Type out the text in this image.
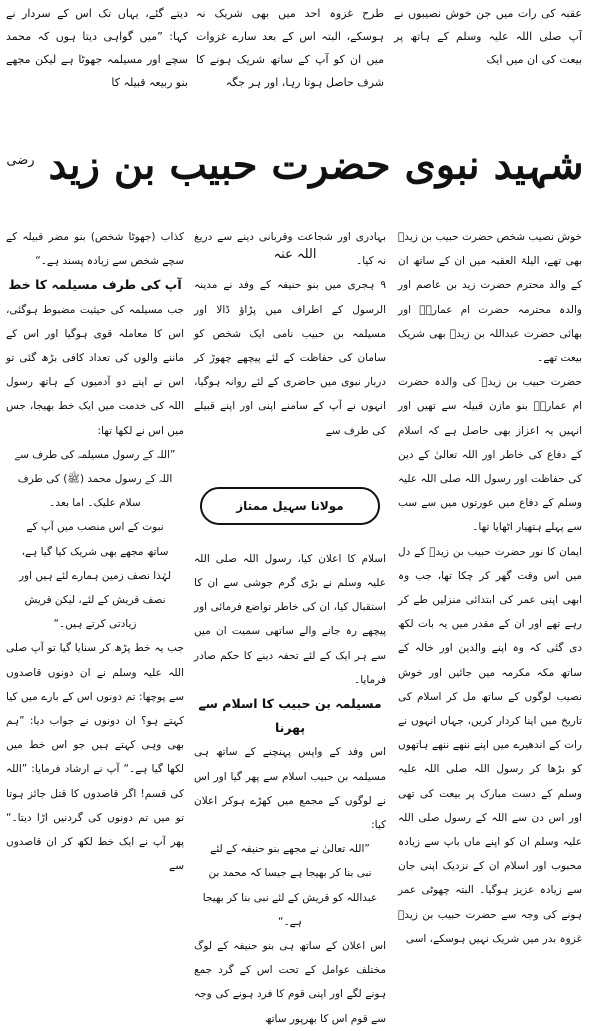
عقبہ کی رات میں جن خوش نصیبوں نے آپ صلی اللہ علیہ وسلم کے ہاتھ پر بیعت کی ان میں ایک

طرح غزوہ احد میں بھی شریک نہ ہوسکے، البتہ اس کے بعد سارے غزوات میں ان کو آپ کے ساتھ شریک ہونے کا شرف حاصل ہوتا رہا، اور ہر جگہ

دیتے گئے، یہاں تک اس کے سردار نے کہا: ”میں گواہی دیتا ہوں کہ محمد سچے اور مسیلمہ جھوٹا ہے لیکن مجھے بنو ربیعہ قبیلہ کا

شہید نبوی حضرت حبیب بن زید $^{رضی اللہ عنہ}$

خوش نصیب شخص حضرت حبیب بن زیدؓ بھی تھے، الیلۃ العقبہ میں ان کے ساتھ ان کے والد محترم حضرت زید بن عاصم اور والدہ محترمہ حضرت ام عمارہؓ اور بھائی حضرت عبداللہ بن زیدؓ بھی شریک بیعت تھے۔

حضرت حبیب بن زیدؓ کی والدہ حضرت ام عمارہؓ بنو مازن قبیلہ سے تھیں اور انہیں یہ اعزاز بھی حاصل ہے کہ اسلام کے دفاع کی خاطر اور اللہ تعالیٰ کے دین کی حفاظت اور رسول اللہ صلی اللہ علیہ وسلم کے دفاع میں عورتوں میں سے سب سے پہلے ہتھیار اٹھایا تھا۔

ایمان کا نور حضرت حبیب بن زیدؓ کے دل میں اس وقت گھر کر چکا تھا، جب وہ ابھی اپنی عمر کی ابتدائی منزلیں طے کر رہے تھے اور ان کے مقدر میں یہ بات لکھ دی گئی کہ وہ اپنے والدین اور خالہ کے ساتھ مکہ مکرمہ میں جائیں اور خوش نصیب لوگوں کے ساتھ مل کر اسلام کی تاریخ میں اپنا کردار کریں، جہاں انہوں نے رات کے اندھیرے میں اپنے ننھے ننھے ہاتھوں کو بڑھا کر رسول اللہ صلی اللہ علیہ وسلم کے دست مبارک پر بیعت کی تھی اور اس دن سے اللہ کے رسول صلی اللہ علیہ وسلم ان کو اپنے ماں باپ سے زیادہ محبوب اور اسلام ان کے نزدیک اپنی جان سے زیادہ عزیز ہوگیا۔ البتہ چھوٹی عمر ہونے کی وجہ سے حضرت حبیب بن زیدؓ غزوہ بدر میں شریک نہیں ہوسکے، اسی

بہادری اور شجاعت وقربانی دینے سے دریغ نہ کیا۔

۹ ہجری میں بنو حنیفہ کے وفد نے مدینہ الرسول کے اطراف میں پڑاؤ ڈالا اور مسیلمہ بن حبیب نامی ایک شخص کو سامان کی حفاظت کے لئے پیچھے چھوڑ کر دربار نبوی میں حاضری کے لئے روانہ ہوگیا، انہوں نے آپ کے سامنے اپنی اور اپنے قبیلے کی طرف سے

مولانا سہیل ممتاز

اسلام کا اعلان کیا، رسول اللہ صلی اللہ علیہ وسلم نے بڑی گرم جوشی سے ان کا استقبال کیا، ان کی خاطر تواضع فرمائی اور پیچھے رہ جانے والے ساتھی سمیت ان میں سے ہر ایک کے لئے تحفہ دینے کا حکم صادر فرمایا۔

مسیلمہ بن حبیب کا اسلام سے پھرنا

اس وفد کے واپس پہنچنے کے ساتھ ہی مسیلمہ بن حبیب اسلام سے پھر گیا اور اس نے لوگوں کے مجمع میں کھڑے ہوکر اعلان کیا:

”اللہ تعالیٰ نے مجھے بنو حنیفہ کے لئے نبی بنا کر بھیجا ہے جیسا کہ محمد بن عبداللہ کو قریش کے لئے نبی بنا کر بھیجا ہے۔“

اس اعلان کے ساتھ ہی بنو حنیفہ کے لوگ مختلف عوامل کے تحت اس کے گرد جمع ہونے لگے اور اپنی قوم کا فرد ہونے کی وجہ سے قوم اس کا بھرپور ساتھ

کذاب (جھوٹا شخص) بنو مضر قبیلہ کے سچے شخص سے زیادہ پسند ہے۔“

آپ کی طرف مسیلمہ کا خط

جب مسیلمہ کی حیثیت مضبوط ہوگئی، اس کا معاملہ قوی ہوگیا اور اس کے ماننے والوں کی تعداد کافی بڑھ گئی تو اس نے اپنے دو آدمیوں کے ہاتھ رسول اللہ کی خدمت میں ایک خط بھیجا، جس میں اس نے لکھا تھا:

”اللہ کے رسول مسیلمہ کی طرف سے اللہ کے رسول محمد (ﷺ) کی طرف

سلام علیک۔ اما بعد۔

نبوت کے اس منصب میں آپ کے ساتھ مجھے بھی شریک کیا گیا ہے، لہٰذا نصف زمین ہمارے لئے ہیں اور نصف قریش کے لئے، لیکن قریش زیادتی کرتے ہیں۔“

جب یہ خط پڑھ کر سنایا گیا تو آپ صلی اللہ علیہ وسلم نے ان دونوں قاصدوں سے پوچھا: تم دونوں اس کے بارے میں کیا کہتے ہو؟ ان دونوں نے جواب دیا: ”ہم بھی وہی کہتے ہیں جو اس خط میں لکھا گیا ہے۔“ آپ نے ارشاد فرمایا: ”اللہ کی قسم! اگر قاصدوں کا قتل جائز ہوتا تو میں تم دونوں کی گردنیں اڑا دیتا۔“ پھر آپ نے ایک خط لکھ کر ان قاصدوں سے
